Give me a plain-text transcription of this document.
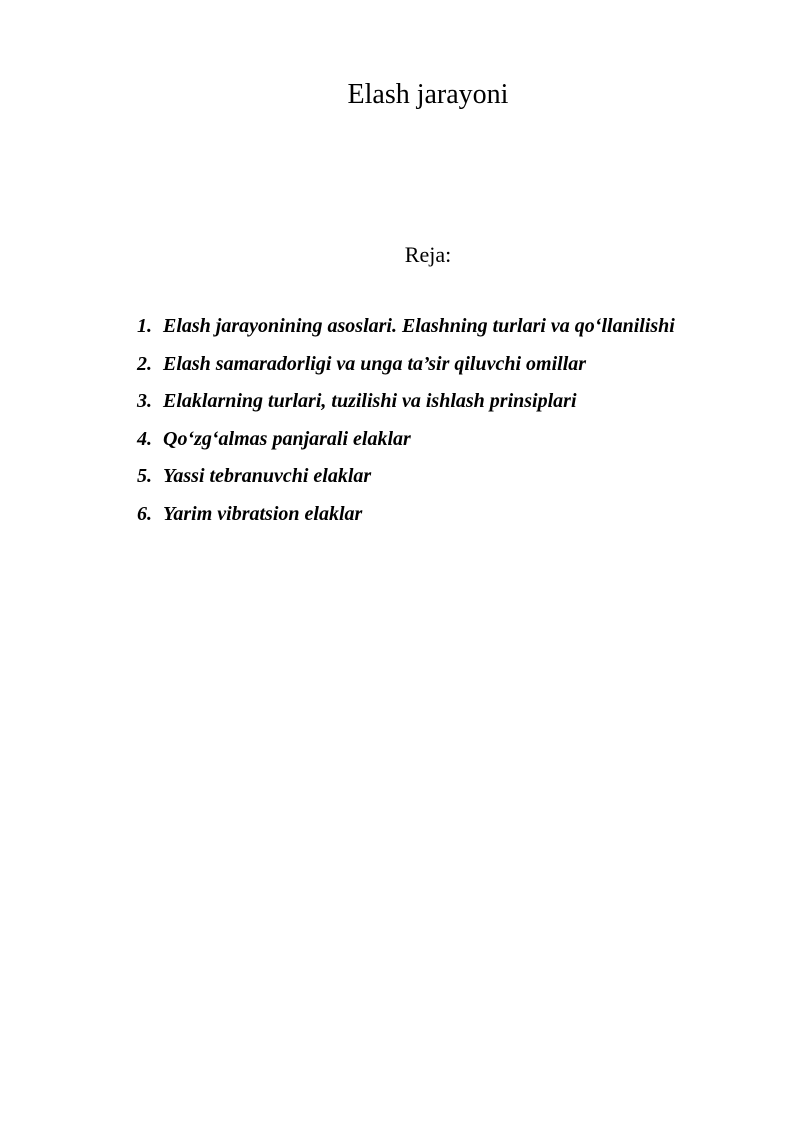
Elash jarayoni
Reja:
1. Elash jarayonining asoslari. Elashning turlari va qo‘llanilishi
2. Elash samaradorligi va unga ta’sir qiluvchi omillar
3. Elaklarning turlari, tuzilishi va ishlash prinsiplari
4. Qo‘zg‘almas panjarali elaklar
5. Yassi tebranuvchi elaklar
6. Yarim vibratsion elaklar
